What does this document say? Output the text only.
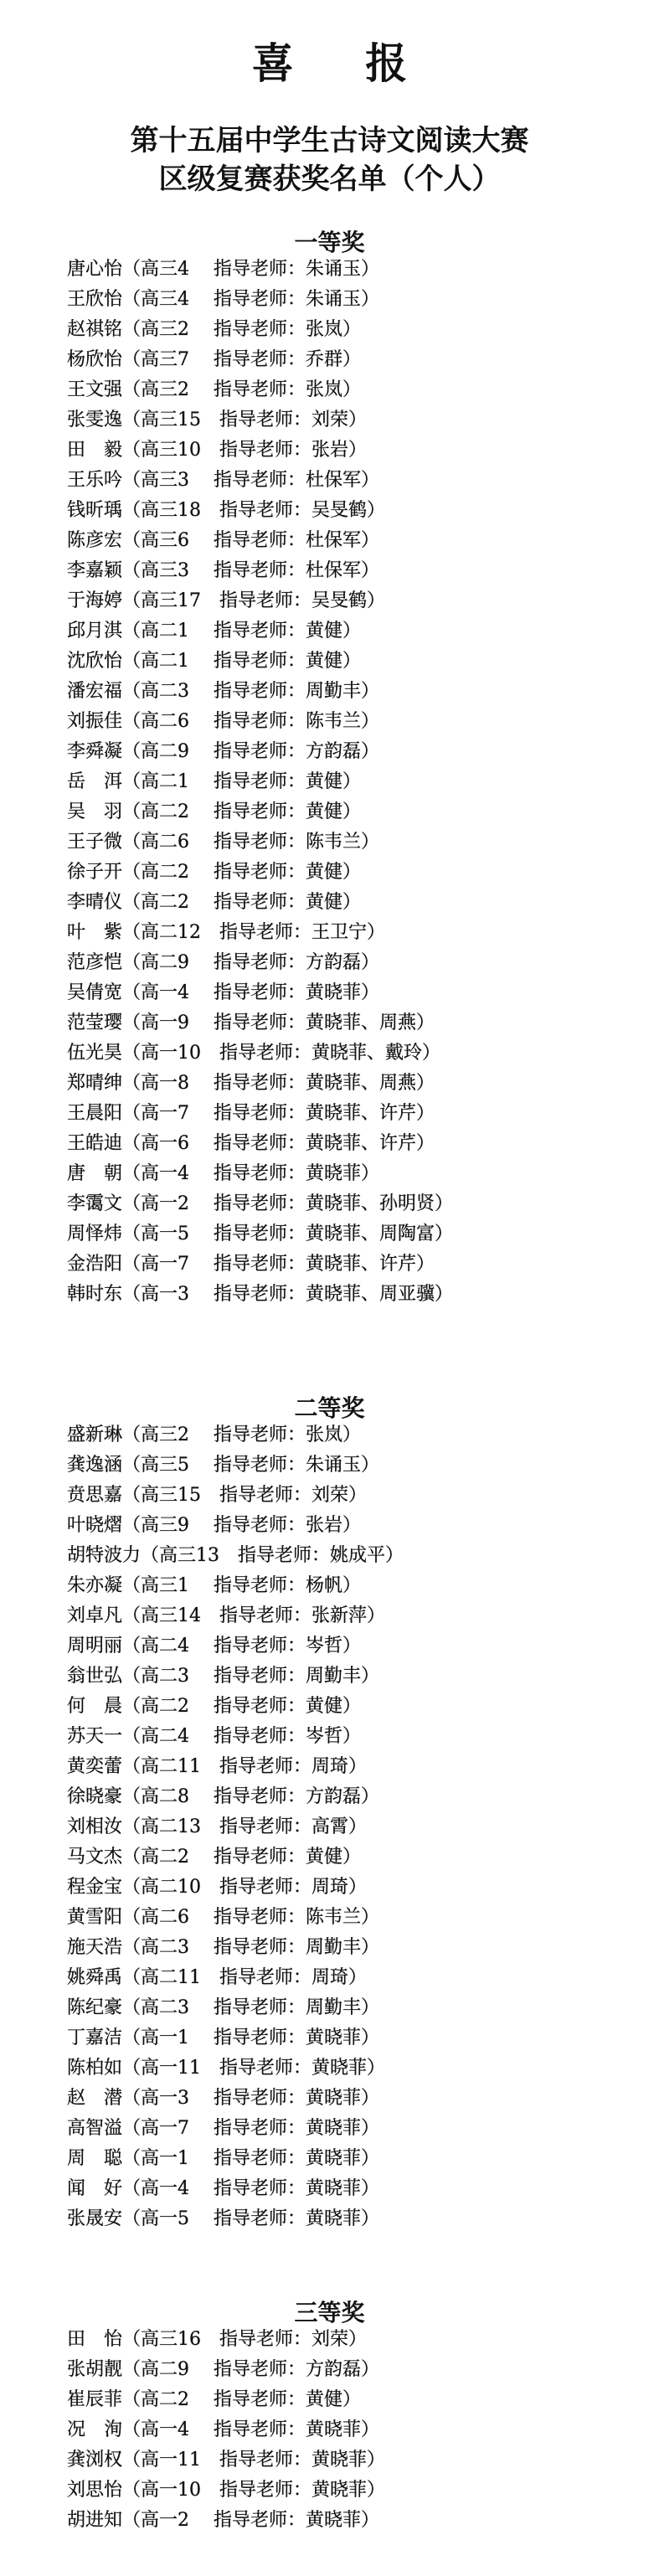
喜 报
第十五届中学生古诗文阅读大赛
区级复赛获奖名单（个人）
一等奖
唐心怡（高三4　 指导老师：朱诵玉）
王欣怡（高三4　 指导老师：朱诵玉）
赵祺铭（高三2　 指导老师：张岚）
杨欣怡（高三7　 指导老师：乔群）
王文强（高三2　 指导老师：张岚）
张雯逸（高三15　指导老师：刘荣）
田　毅（高三10　指导老师：张岩）
王乐吟（高三3　 指导老师：杜保军）
钱昕瑀（高三18　指导老师：吴旻鹤）
陈彦宏（高三6　 指导老师：杜保军）
李嘉颖（高三3　 指导老师：杜保军）
于海婷（高三17　指导老师：吴旻鹤）
邱月淇（高二1　 指导老师：黄健）
沈欣怡（高二1　 指导老师：黄健）
潘宏福（高二3　 指导老师：周勤丰）
刘振佳（高二6　 指导老师：陈韦兰）
李舜凝（高二9　 指导老师：方韵磊）
岳　洱（高二1　 指导老师：黄健）
吴　羽（高二2　 指导老师：黄健）
王子微（高二6　 指导老师：陈韦兰）
徐子开（高二2　 指导老师：黄健）
李晴仪（高二2　 指导老师：黄健）
叶　紫（高二12　指导老师：王卫宁）
范彦恺（高二9　 指导老师：方韵磊）
吴倩宽（高一4　 指导老师：黄晓菲）
范莹璎（高一9　 指导老师：黄晓菲、周燕）
伍光昊（高一10　指导老师：黄晓菲、戴玲）
郑晴绅（高一8　 指导老师：黄晓菲、周燕）
王晨阳（高一7　 指导老师：黄晓菲、许芹）
王皓迪（高一6　 指导老师：黄晓菲、许芹）
唐　朝（高一4　 指导老师：黄晓菲）
李霭文（高一2　 指导老师：黄晓菲、孙明贤）
周怿炜（高一5　 指导老师：黄晓菲、周陶富）
金浩阳（高一7　 指导老师：黄晓菲、许芹）
韩时东（高一3　 指导老师：黄晓菲、周亚骥）
二等奖
盛新琳（高三2　 指导老师：张岚）
龚逸涵（高三5　 指导老师：朱诵玉）
贲思嘉（高三15　指导老师：刘荣）
叶晓熠（高三9　 指导老师：张岩）
胡特波力（高三13　指导老师：姚成平）
朱亦凝（高三1　 指导老师：杨帆）
刘卓凡（高三14　指导老师：张新萍）
周明丽（高二4　 指导老师：岑哲）
翁世弘（高二3　 指导老师：周勤丰）
何　晨（高二2　 指导老师：黄健）
苏天一（高二4　 指导老师：岑哲）
黄奕蕾（高二11　指导老师：周琦）
徐晓豪（高二8　 指导老师：方韵磊）
刘相汝（高二13　指导老师：高霄）
马文杰（高二2　 指导老师：黄健）
程金宝（高二10　指导老师：周琦）
黄雪阳（高二6　 指导老师：陈韦兰）
施天浩（高二3　 指导老师：周勤丰）
姚舜禹（高二11　指导老师：周琦）
陈纪豪（高二3　 指导老师：周勤丰）
丁嘉洁（高一1　 指导老师：黄晓菲）
陈柏如（高一11　指导老师：黄晓菲）
赵　潜（高一3　 指导老师：黄晓菲）
高智溢（高一7　 指导老师：黄晓菲）
周　聪（高一1　 指导老师：黄晓菲）
闻　好（高一4　 指导老师：黄晓菲）
张晟安（高一5　 指导老师：黄晓菲）
三等奖
田　怡（高三16　指导老师：刘荣）
张胡靓（高二9　 指导老师：方韵磊）
崔辰菲（高二2　 指导老师：黄健）
况　洵（高一4　 指导老师：黄晓菲）
龚浏权（高一11　指导老师：黄晓菲）
刘思怡（高一10　指导老师：黄晓菲）
胡进知（高一2　 指导老师：黄晓菲）
